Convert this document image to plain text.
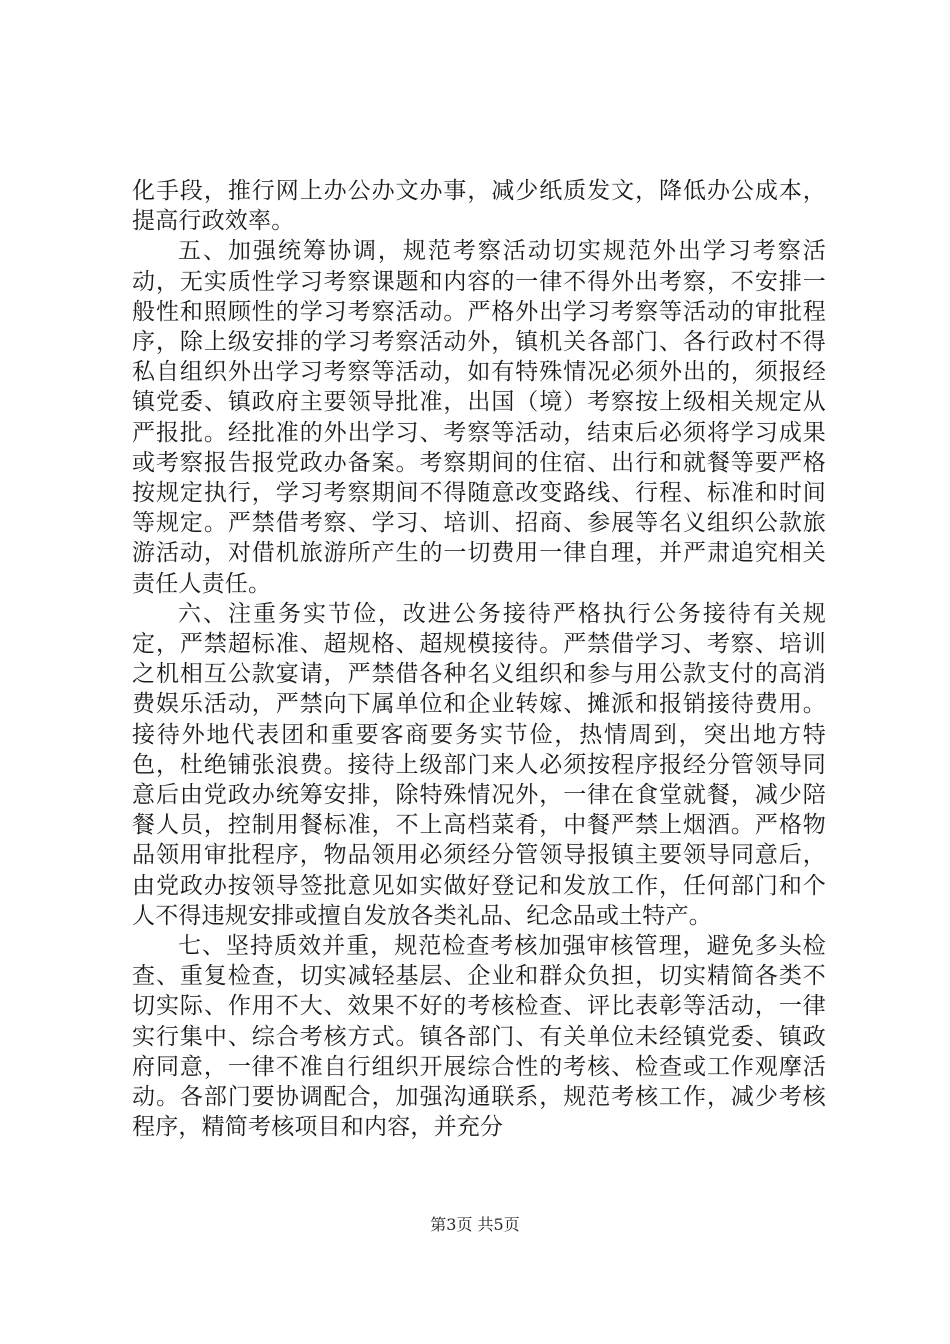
化手段，推行网上办公办文办事，减少纸质发文，降低办公成本，提高行政效率。

五、加强统筹协调，规范考察活动切实规范外出学习考察活动，无实质性学习考察课题和内容的一律不得外出考察，不安排一般性和照顾性的学习考察活动。严格外出学习考察等活动的审批程序，除上级安排的学习考察活动外，镇机关各部门、各行政村不得私自组织外出学习考察等活动，如有特殊情况必须外出的，须报经镇党委、镇政府主要领导批准，出国（境）考察按上级相关规定从严报批。经批准的外出学习、考察等活动，结束后必须将学习成果或考察报告报党政办备案。考察期间的住宿、出行和就餐等要严格按规定执行，学习考察期间不得随意改变路线、行程、标准和时间等规定。严禁借考察、学习、培训、招商、参展等名义组织公款旅游活动，对借机旅游所产生的一切费用一律自理，并严肃追究相关责任人责任。

六、注重务实节俭，改进公务接待严格执行公务接待有关规定，严禁超标准、超规格、超规模接待。严禁借学习、考察、培训之机相互公款宴请，严禁借各种名义组织和参与用公款支付的高消费娱乐活动，严禁向下属单位和企业转嫁、摊派和报销接待费用。接待外地代表团和重要客商要务实节俭，热情周到，突出地方特色，杜绝铺张浪费。接待上级部门来人必须按程序报经分管领导同意后由党政办统筹安排，除特殊情况外，一律在食堂就餐，减少陪餐人员，控制用餐标准，不上高档菜肴，中餐严禁上烟酒。严格物品领用审批程序，物品领用必须经分管领导报镇主要领导同意后，由党政办按领导签批意见如实做好登记和发放工作，任何部门和个人不得违规安排或擅自发放各类礼品、纪念品或土特产。

七、坚持质效并重，规范检查考核加强审核管理，避免多头检查、重复检查，切实减轻基层、企业和群众负担，切实精简各类不切实际、作用不大、效果不好的考核检查、评比表彰等活动，一律实行集中、综合考核方式。镇各部门、有关单位未经镇党委、镇政府同意，一律不准自行组织开展综合性的考核、检查或工作观摩活动。各部门要协调配合，加强沟通联系，规范考核工作，减少考核程序，精简考核项目和内容，并充分

第3页 共5页
